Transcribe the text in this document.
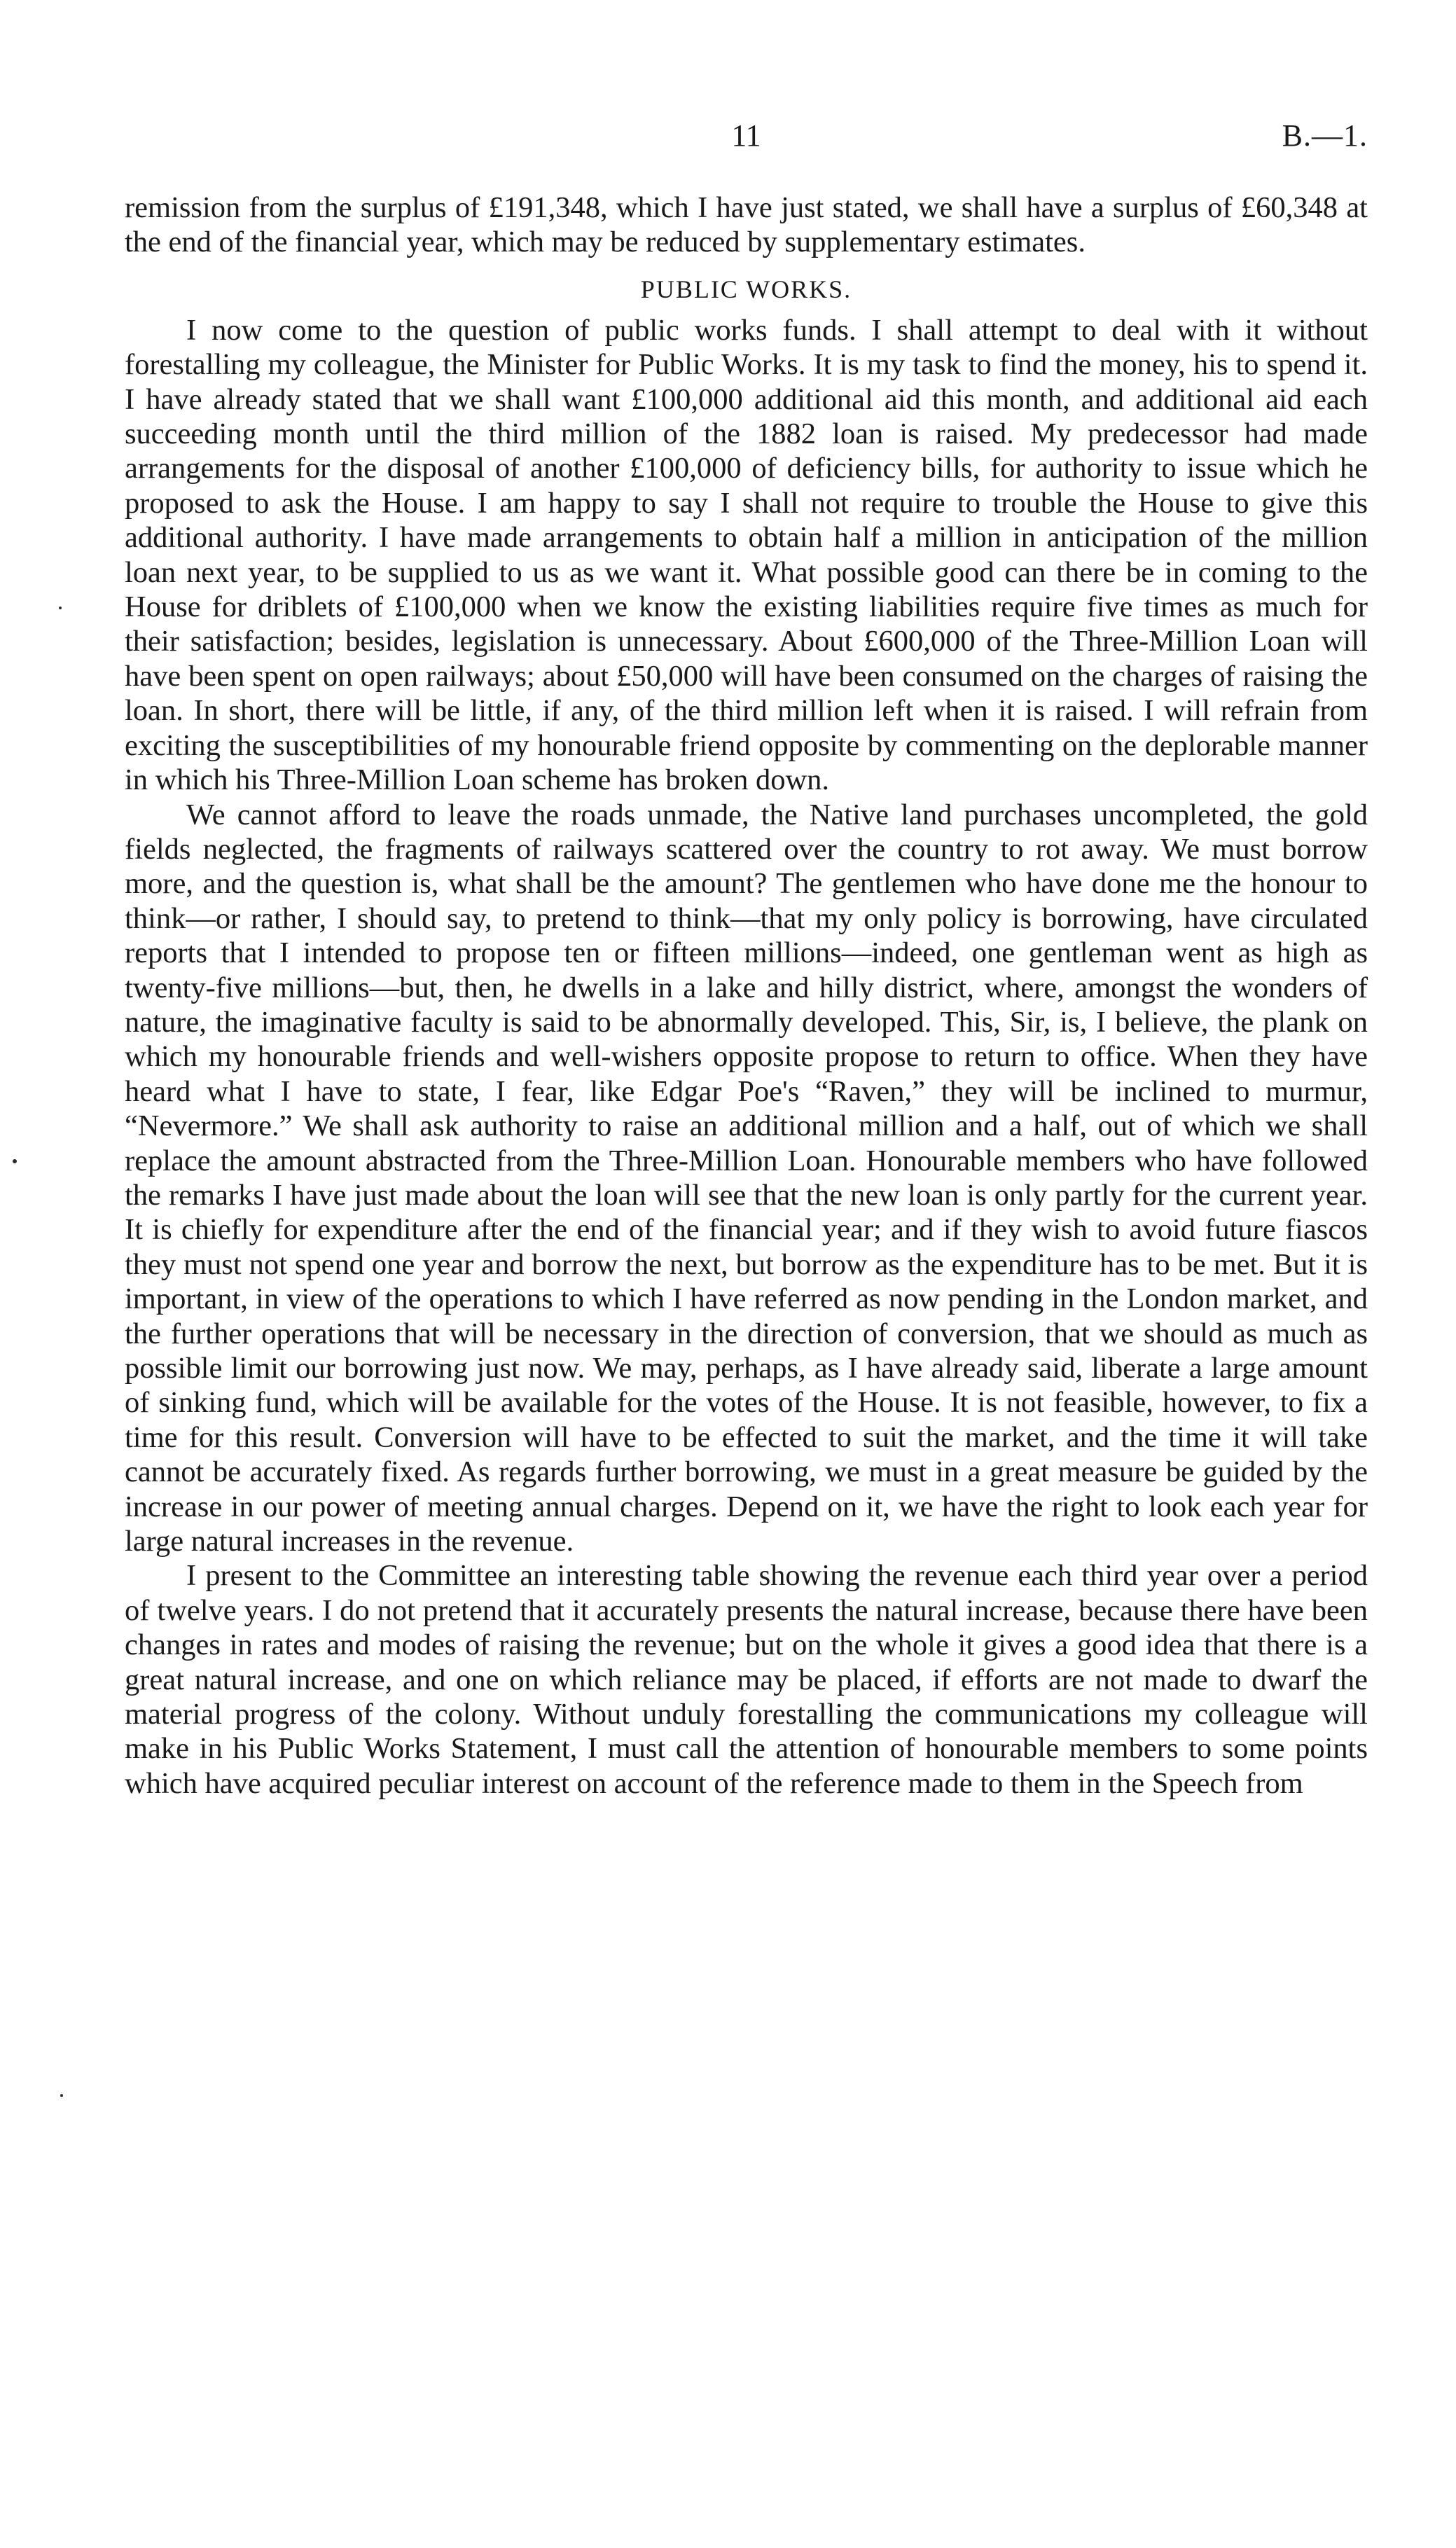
11	B.—1.

remission from the surplus of £191,348, which I have just stated, we shall have a surplus of £60,348 at the end of the financial year, which may be reduced by supplementary estimates.

PUBLIC WORKS.

I now come to the question of public works funds. I shall attempt to deal with it without forestalling my colleague, the Minister for Public Works. It is my task to find the money, his to spend it. I have already stated that we shall want £100,000 additional aid this month, and additional aid each succeeding month until the third million of the 1882 loan is raised. My predecessor had made arrangements for the disposal of another £100,000 of deficiency bills, for authority to issue which he proposed to ask the House. I am happy to say I shall not require to trouble the House to give this additional authority. I have made arrangements to obtain half a million in anticipation of the million loan next year, to be supplied to us as we want it. What possible good can there be in coming to the House for driblets of £100,000 when we know the existing liabilities require five times as much for their satisfaction; besides, legislation is unnecessary. About £600,000 of the Three-Million Loan will have been spent on open railways; about £50,000 will have been consumed on the charges of raising the loan. In short, there will be little, if any, of the third million left when it is raised. I will refrain from exciting the susceptibilities of my honourable friend opposite by commenting on the deplorable manner in which his Three-Million Loan scheme has broken down.

We cannot afford to leave the roads unmade, the Native land purchases uncompleted, the gold fields neglected, the fragments of railways scattered over the country to rot away. We must borrow more, and the question is, what shall be the amount? The gentlemen who have done me the honour to think—or rather, I should say, to pretend to think—that my only policy is borrowing, have circulated reports that I intended to propose ten or fifteen millions—indeed, one gentleman went as high as twenty-five millions—but, then, he dwells in a lake and hilly district, where, amongst the wonders of nature, the imaginative faculty is said to be abnormally developed. This, Sir, is, I believe, the plank on which my honourable friends and well-wishers opposite propose to return to office. When they have heard what I have to state, I fear, like Edgar Poe's “Raven,” they will be inclined to murmur, “Nevermore.” We shall ask authority to raise an additional million and a half, out of which we shall replace the amount abstracted from the Three-Million Loan. Honourable members who have followed the remarks I have just made about the loan will see that the new loan is only partly for the current year. It is chiefly for expenditure after the end of the financial year; and if they wish to avoid future fiascos they must not spend one year and borrow the next, but borrow as the expenditure has to be met. But it is important, in view of the operations to which I have referred as now pending in the London market, and the further operations that will be necessary in the direction of conversion, that we should as much as possible limit our borrowing just now. We may, perhaps, as I have already said, liberate a large amount of sinking fund, which will be available for the votes of the House. It is not feasible, however, to fix a time for this result. Conversion will have to be effected to suit the market, and the time it will take cannot be accurately fixed. As regards further borrowing, we must in a great measure be guided by the increase in our power of meeting annual charges. Depend on it, we have the right to look each year for large natural increases in the revenue.

I present to the Committee an interesting table showing the revenue each third year over a period of twelve years. I do not pretend that it accurately presents the natural increase, because there have been changes in rates and modes of raising the revenue; but on the whole it gives a good idea that there is a great natural increase, and one on which reliance may be placed, if efforts are not made to dwarf the material progress of the colony. Without unduly forestalling the communications my colleague will make in his Public Works Statement, I must call the attention of honourable members to some points which have acquired peculiar interest on account of the reference made to them in the Speech from
